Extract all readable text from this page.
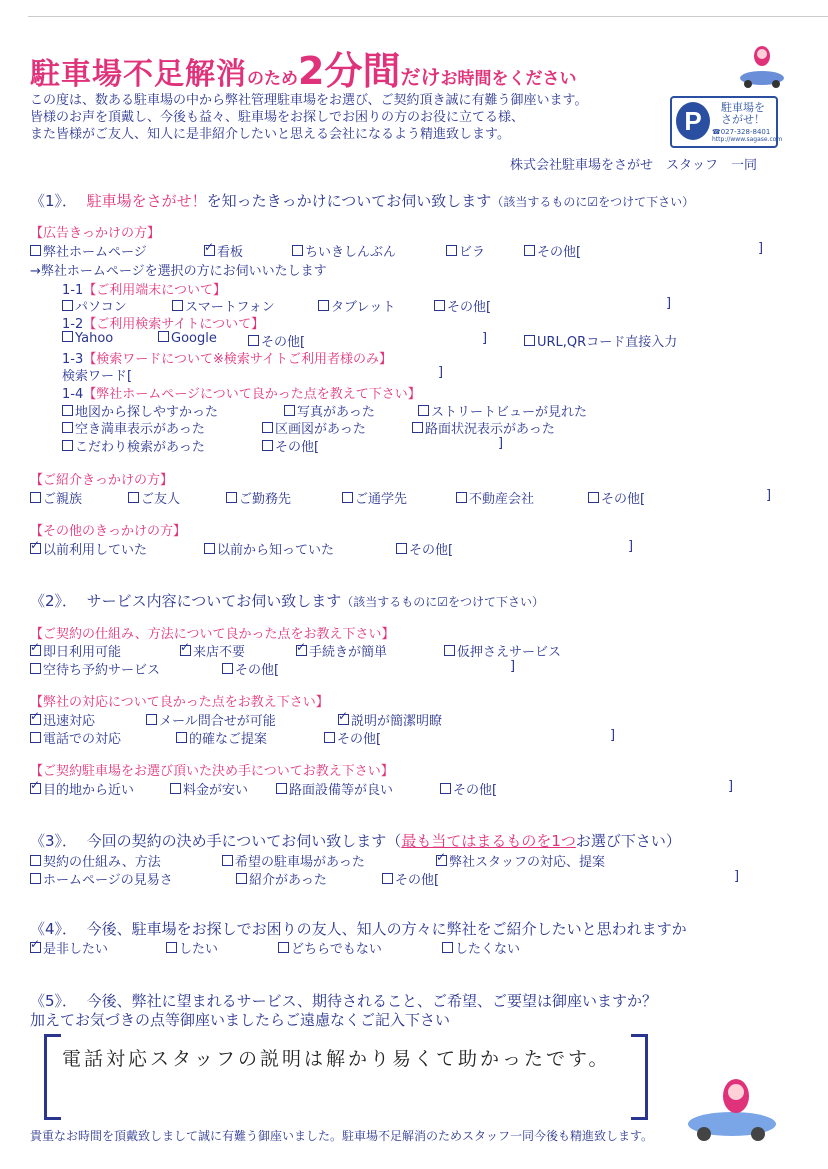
駐車場不足解消のため2分間だけお時間をください
この度は、数ある駐車場の中から弊社管理駐車場をお選び、ご契約頂き誠に有難う御座います。
皆様のお声を頂戴し、今後も益々、駐車場をお探しでお困りの方のお役に立てる様、
また皆様がご友人、知人に是非紹介したいと思える会社になるよう精進致します。	P	駐車場を さがせ！
☎027-328-8401
http://www.sagase.com
株式会社駐車場をさがせ　スタッフ　一同
《1》． 駐車場をさがせ！を知ったきっかけについてお伺い致します（該当するものに☑をつけて下さい）
【広告きっかけの方】
弊社ホームページ ✓	看板	ちいきしんぶん	ビラ	その他[	]
→弊社ホームページを選択の方にお伺いいたします
1-1【ご利用端末について】
パソコン	スマートフォン	タブレット	その他[	]
1-2【ご利用検索サイトについて】
Yahoo	Google	その他[	]	URL,QRコード直接入力
1-3【検索ワードについて※検索サイトご利用者様のみ】
検索ワード[	]
1-4【弊社ホームページについて良かった点を教えて下さい】
地図から探しやすかった	写真があった	ストリートビューが見れた
空き満車表示があった	区画図があった	路面状況表示があった
こだわり検索があった	その他[	]
【ご紹介きっかけの方】
ご親族	ご友人	ご勤務先	ご通学先	不動産会社	その他[	]
【その他のきっかけの方】
✓以前利用していた	以前から知っていた	その他[	]
《2》． サービス内容についてお伺い致します（該当するものに☑をつけて下さい）
【ご契約の仕組み、方法について良かった点をお教え下さい】
✓即日利用可能 ✓	来店不要 ✓	手続きが簡単	仮押さえサービス
空待ち予約サービス	その他[	]
【弊社の対応について良かった点をお教え下さい】
✓迅速対応	メール問合せが可能 ✓	説明が簡潔明瞭
電話での対応	的確なご提案	その他[	]
【ご契約駐車場をお選び頂いた決め手についてお教え下さい】
✓目的地から近い	料金が安い	路面設備等が良い	その他[	]
《3》． 今回の契約の決め手についてお伺い致します（最も当てはまるものを1つお選び下さい）
契約の仕組み、方法	希望の駐車場があった ✓	弊社スタッフの対応、提案
ホームページの見易さ	紹介があった	その他[	]
《4》． 今後、駐車場をお探しでお困りの友人、知人の方々に弊社をご紹介したいと思われますか
✓是非したい	したい	どちらでもない	したくない
《5》． 今後、弊社に望まれるサービス、期待されること、ご希望、ご要望は御座いますか？
加えてお気づきの点等御座いましたらご遠慮なくご記入下さい
電話対応スタッフの説明は解かり易くて助かったです。
貴重なお時間を頂戴致しまして誠に有難う御座いました。駐車場不足解消のためスタッフ一同今後も精進致します。
